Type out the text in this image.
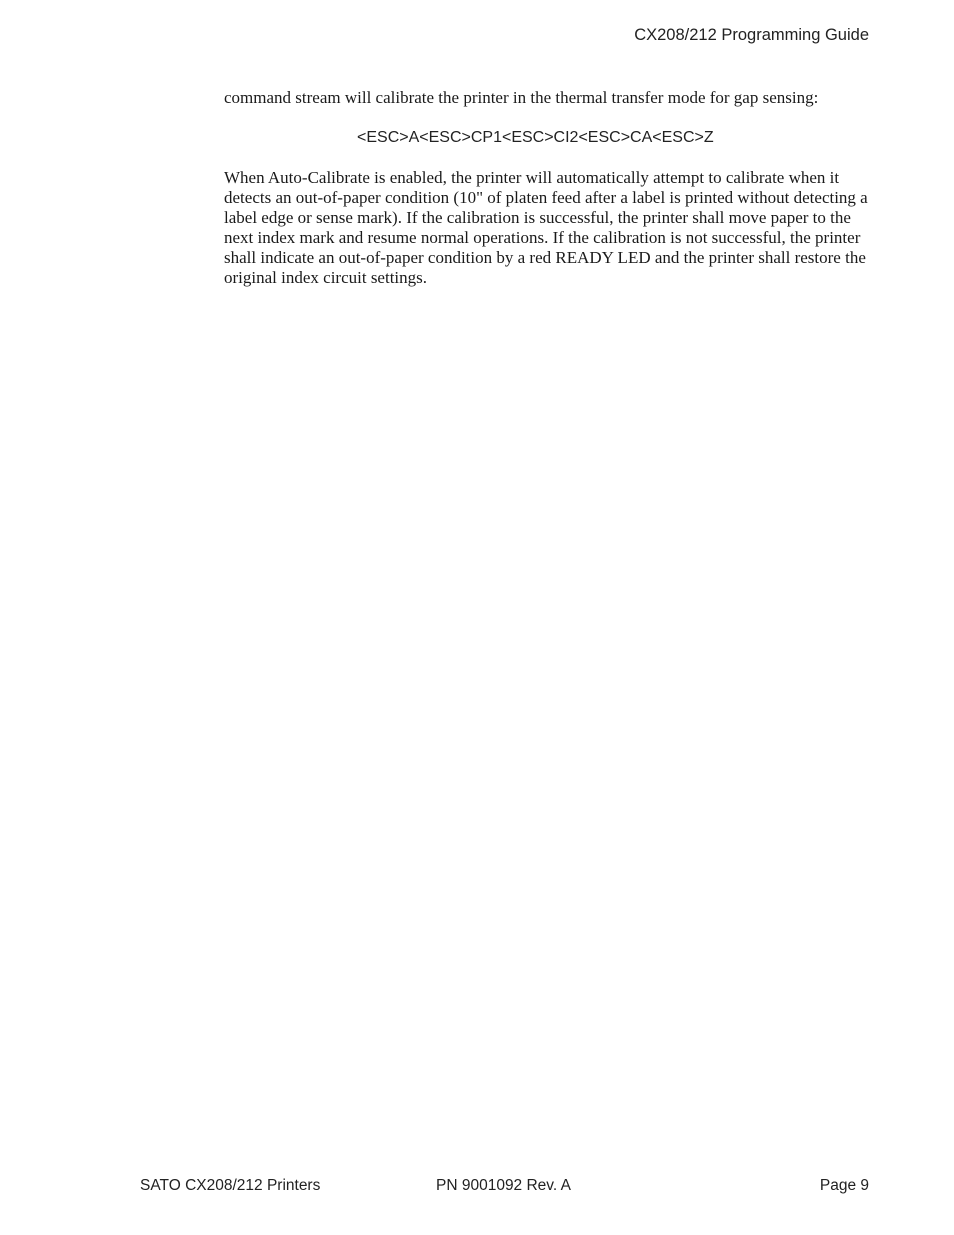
CX208/212 Programming Guide

command stream will calibrate the printer in the thermal transfer mode for gap sensing:

<ESC>A<ESC>CP1<ESC>CI2<ESC>CA<ESC>Z

When Auto-Calibrate is enabled, the printer will automatically attempt to calibrate when it detects an out-of-paper condition (10" of platen feed after a label is printed without detecting a label edge or sense mark). If the calibration is successful, the printer shall move paper to the next index mark and resume normal operations. If the calibration is not successful, the printer shall indicate an out-of-paper condition by a red READY LED and the printer shall restore the original index circuit settings.

SATO CX208/212 Printers	PN 9001092 Rev. A	Page 9
